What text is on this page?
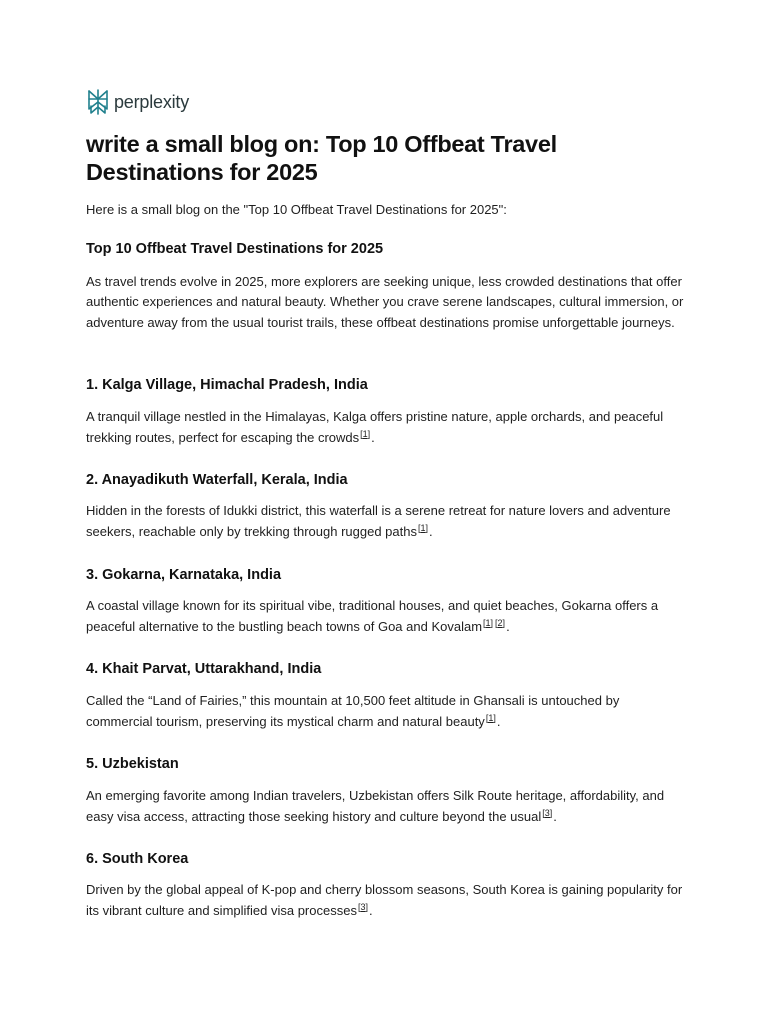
perplexity
write a small blog on: Top 10 Offbeat Travel Destinations for 2025

Here is a small blog on the "Top 10 Offbeat Travel Destinations for 2025":

Top 10 Offbeat Travel Destinations for 2025

As travel trends evolve in 2025, more explorers are seeking unique, less crowded destinations that offer authentic experiences and natural beauty. Whether you crave serene landscapes, cultural immersion, or adventure away from the usual tourist trails, these offbeat destinations promise unforgettable journeys.

1. Kalga Village, Himachal Pradesh, India

A tranquil village nestled in the Himalayas, Kalga offers pristine nature, apple orchards, and peaceful trekking routes, perfect for escaping the crowds[1].

2. Anayadikuth Waterfall, Kerala, India

Hidden in the forests of Idukki district, this waterfall is a serene retreat for nature lovers and adventure seekers, reachable only by trekking through rugged paths[1].

3. Gokarna, Karnataka, India

A coastal village known for its spiritual vibe, traditional houses, and quiet beaches, Gokarna offers a peaceful alternative to the bustling beach towns of Goa and Kovalam[1] [2].

4. Khait Parvat, Uttarakhand, India

Called the “Land of Fairies,” this mountain at 10,500 feet altitude in Ghansali is untouched by commercial tourism, preserving its mystical charm and natural beauty[1].

5. Uzbekistan

An emerging favorite among Indian travelers, Uzbekistan offers Silk Route heritage, affordability, and easy visa access, attracting those seeking history and culture beyond the usual[3].

6. South Korea

Driven by the global appeal of K-pop and cherry blossom seasons, South Korea is gaining popularity for its vibrant culture and simplified visa processes[3].
